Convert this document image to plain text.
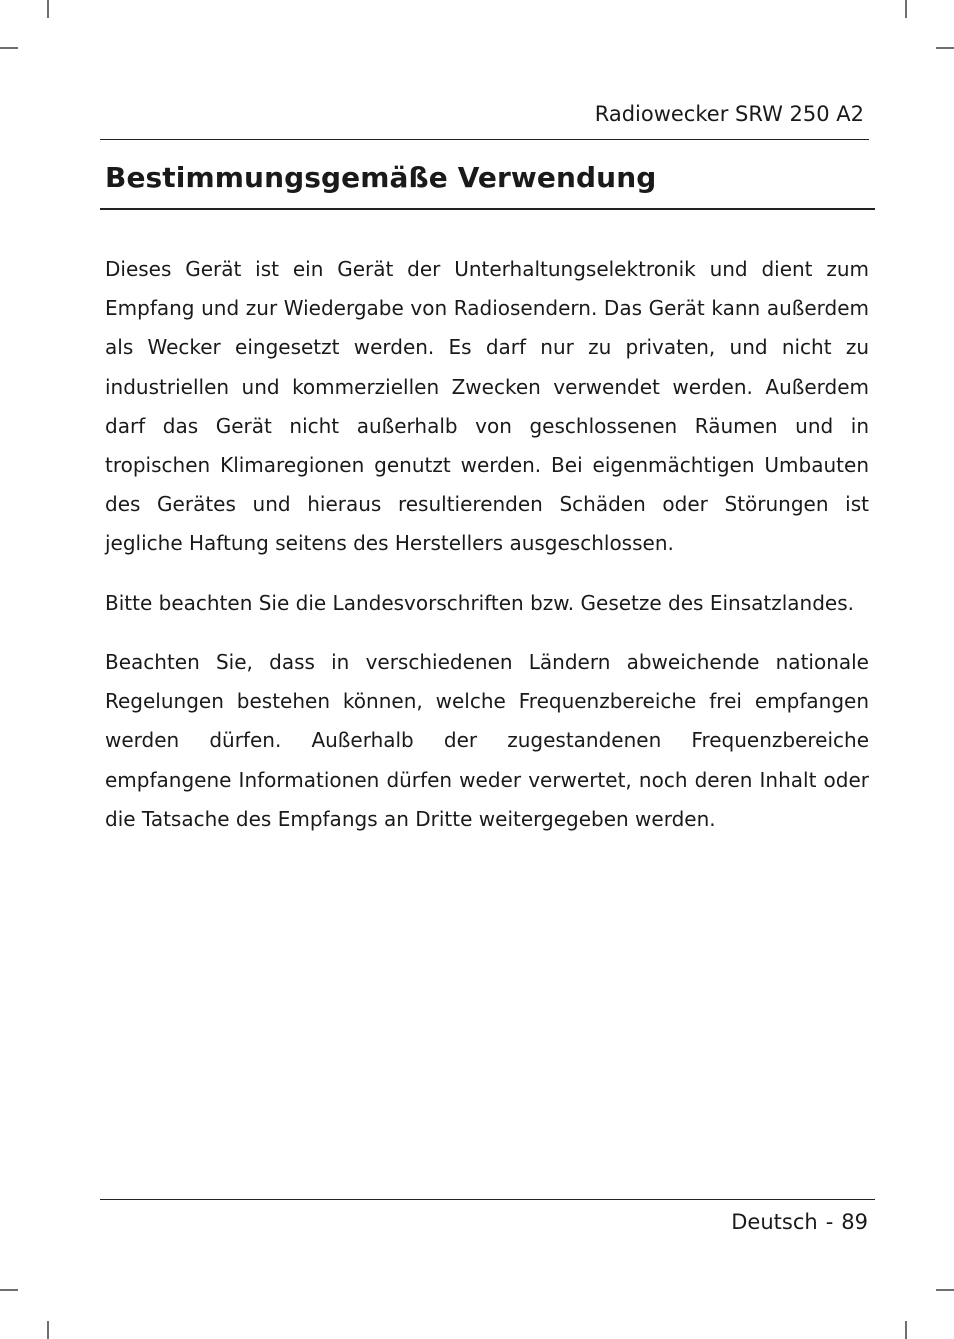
Radiowecker SRW 250 A2
Bestimmungsgemäße Verwendung

Dieses Gerät ist ein Gerät der Unterhaltungselektronik und dient zum Empfang und zur Wiedergabe von Radiosendern. Das Gerät kann außerdem als Wecker eingesetzt werden. Es darf nur zu privaten, und nicht zu industriellen und kommerziellen Zwecken verwendet werden. Außerdem darf das Gerät nicht außerhalb von geschlossenen Räumen und in tropischen Klimaregionen genutzt werden. Bei eigenmächtigen Umbauten des Gerätes und hieraus resultierenden Schäden oder Störungen ist jegliche Haftung seitens des Herstellers ausgeschlossen.

Bitte beachten Sie die Landesvorschriften bzw. Gesetze des Einsatzlandes.

Beachten Sie, dass in verschiedenen Ländern abweichende nationale Regelungen bestehen können, welche Frequenzbereiche frei empfangen werden dürfen. Außerhalb der zugestandenen Frequenzbereiche empfangene Informationen dürfen weder verwertet, noch deren Inhalt oder die Tatsache des Empfangs an Dritte weitergegeben werden.

Deutsch - 89
